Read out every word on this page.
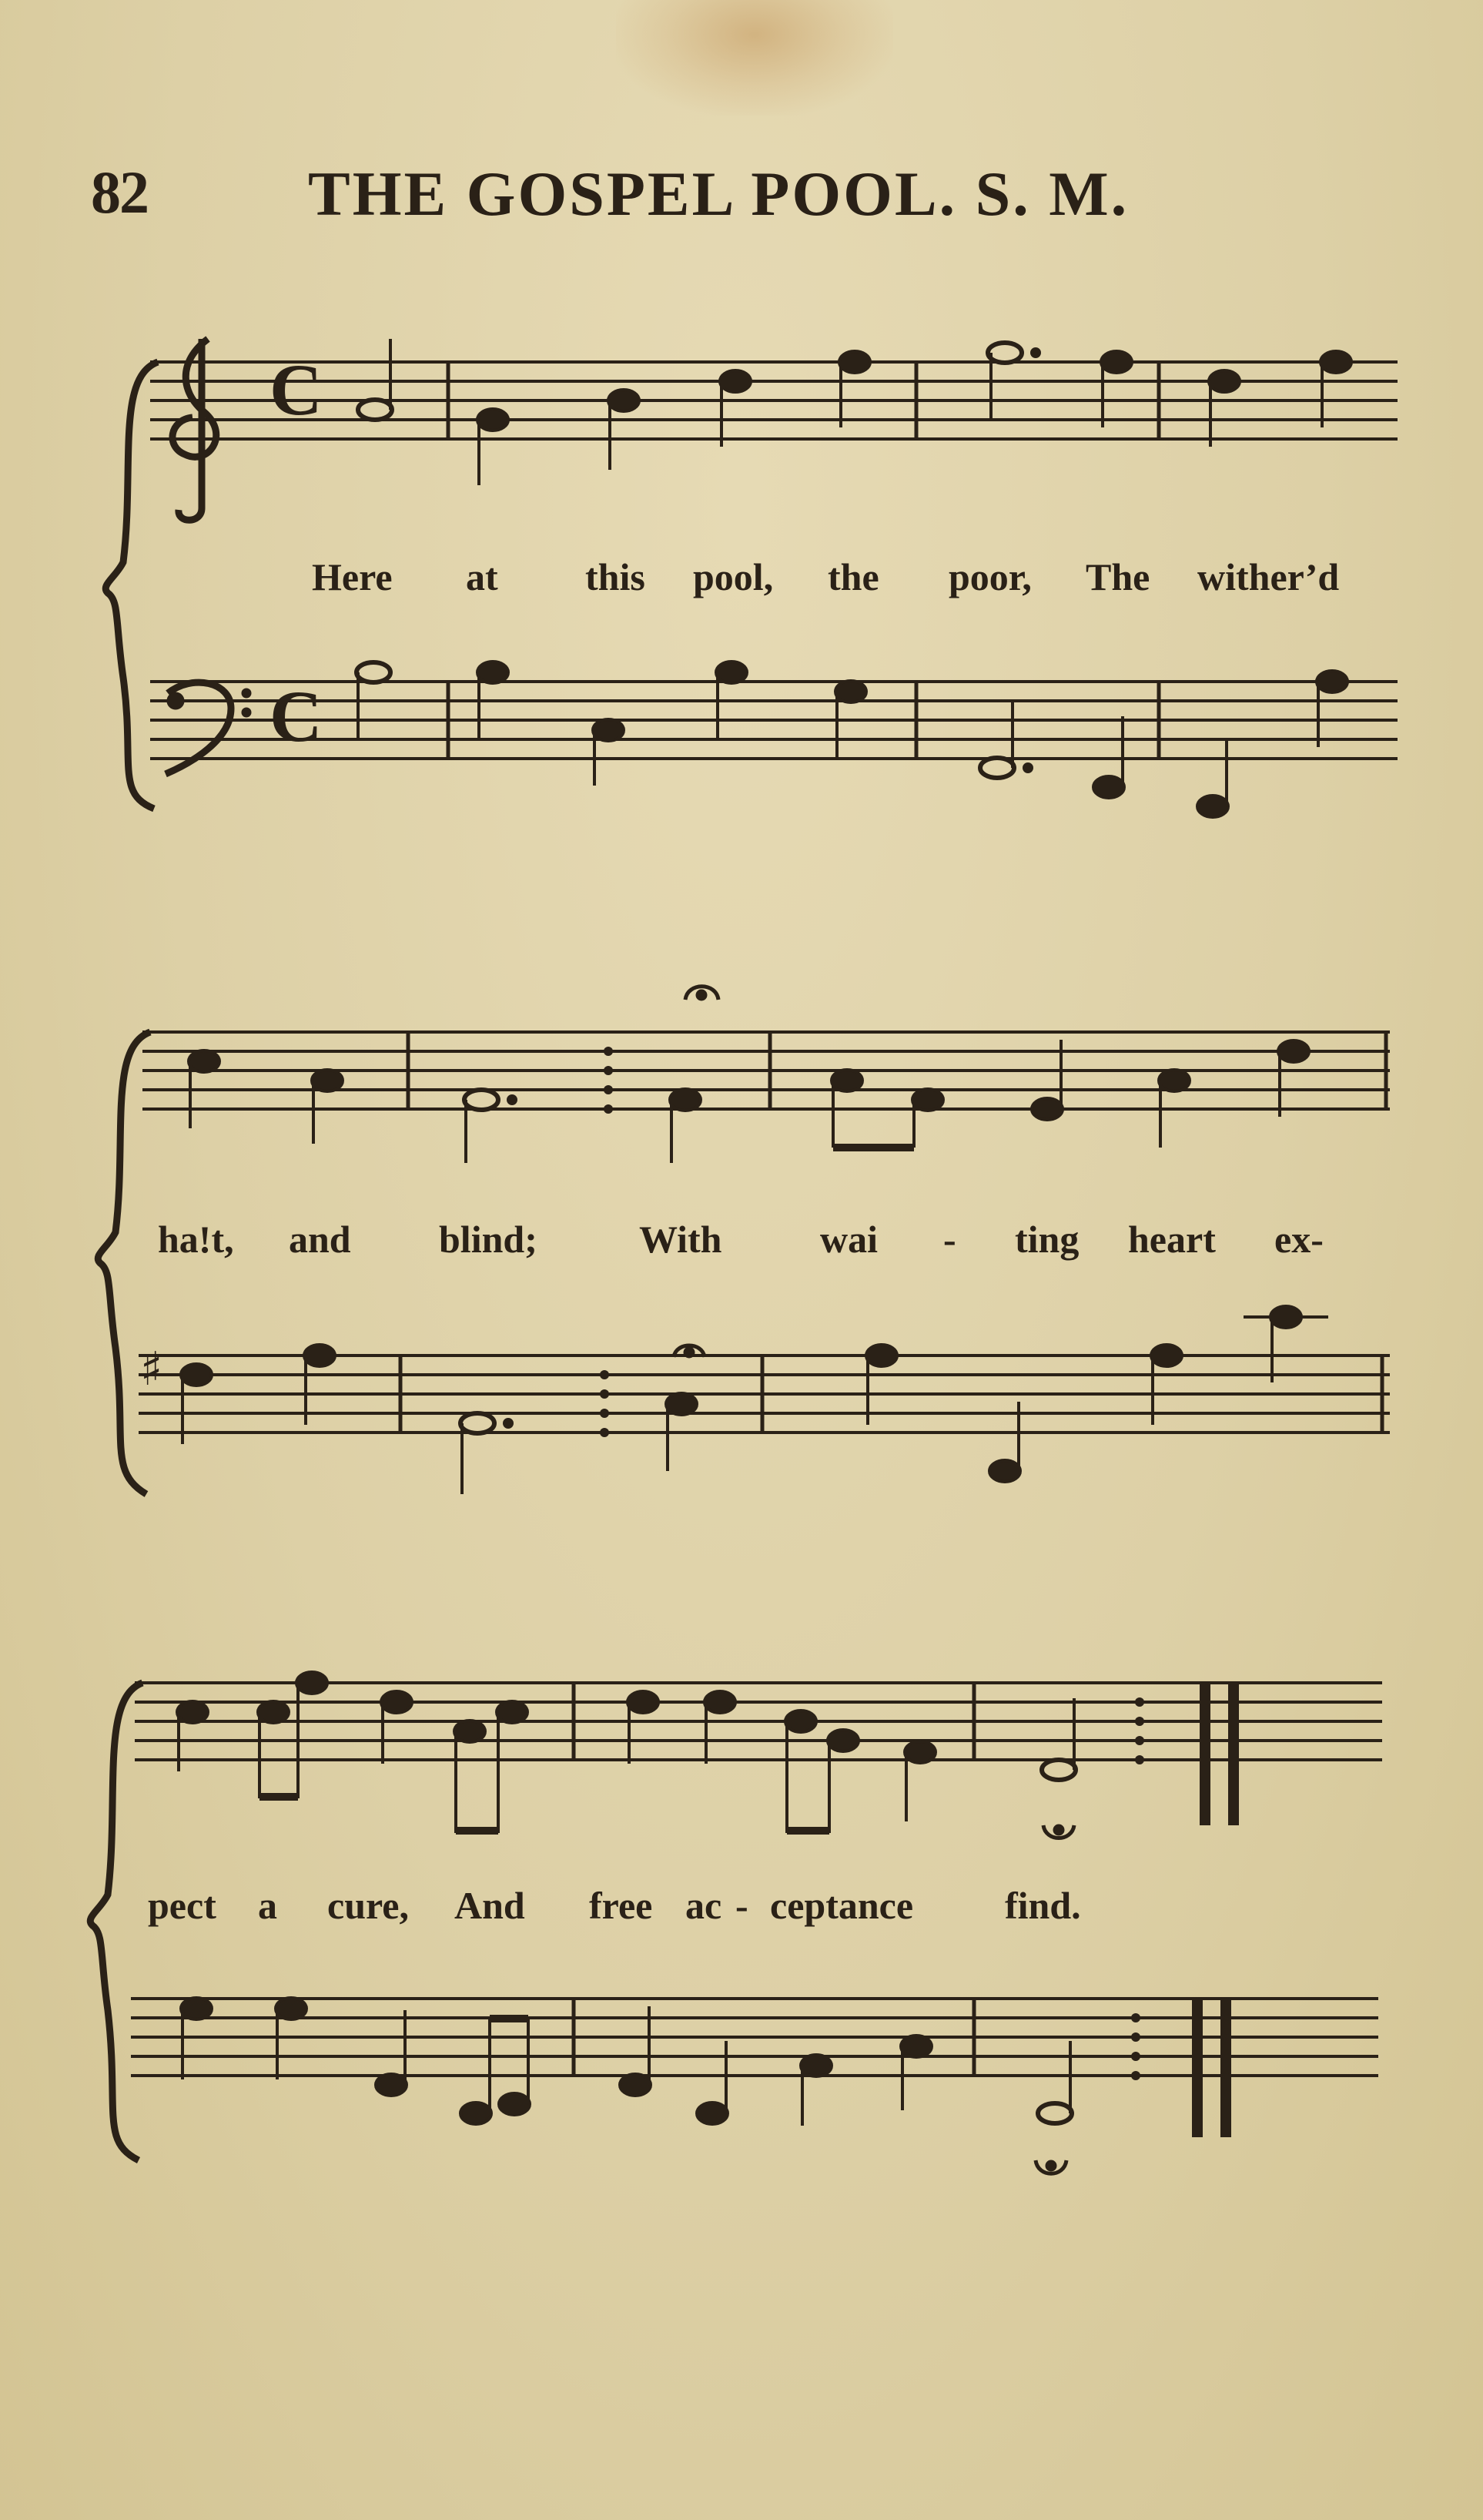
82	THE GOSPEL POOL. S. M.
C
C
Here at this pool, the poor, The wither’d
♯
ha!t, and blind;	With	wai - ting heart ex-
pect a cure, And free ac - ceptance find.
